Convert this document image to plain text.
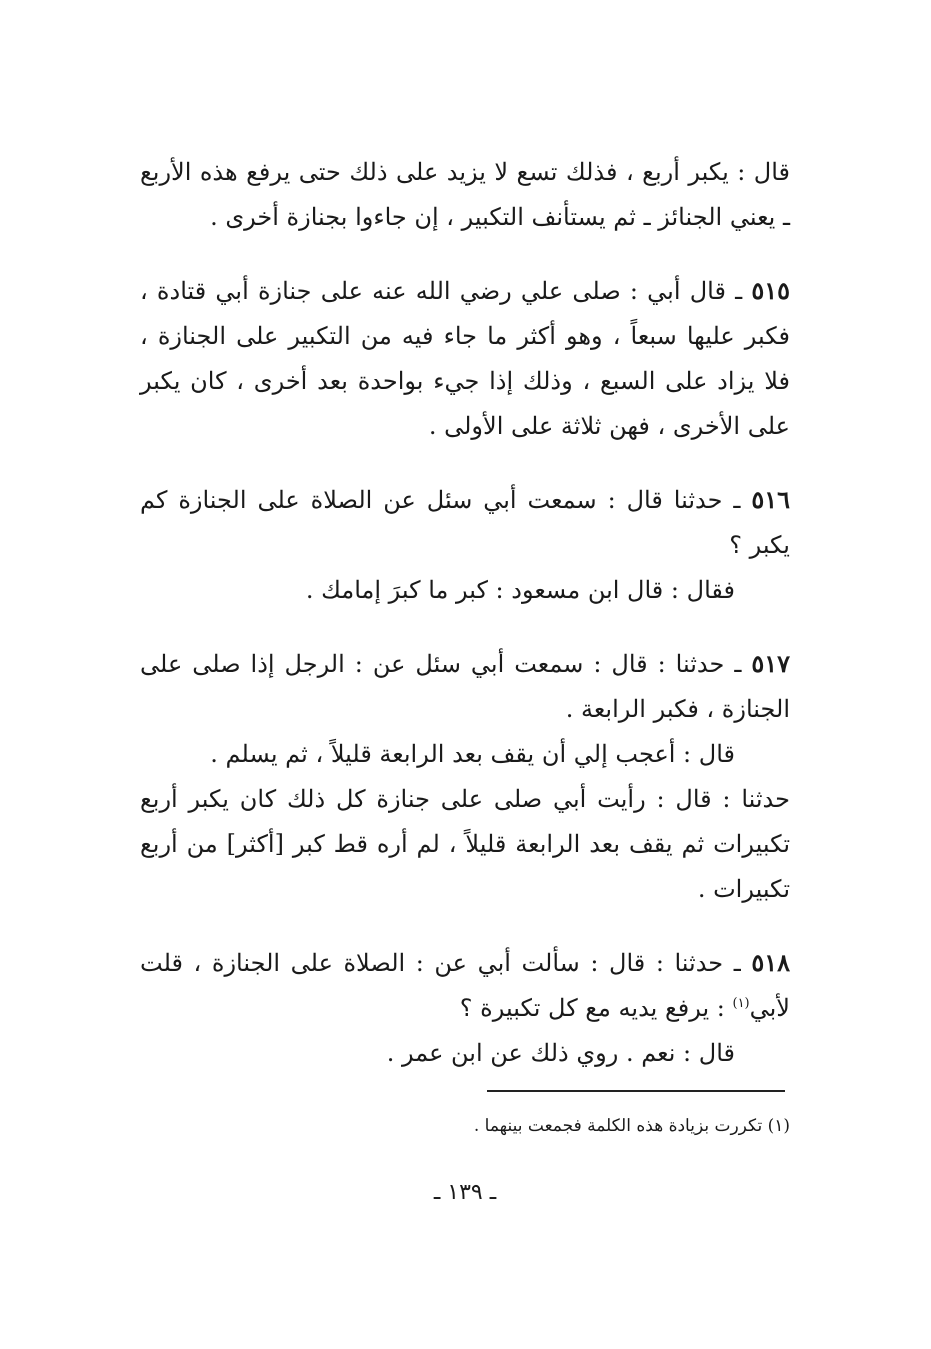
قال : يكبر أربع ، فذلك تسع لا يزيد على ذلك حتى يرفع هذه الأربع ـ يعني الجنائز ـ ثم يستأنف التكبير ، إن جاءوا بجنازة أخرى .

٥١٥ ـ قال أبي : صلى علي رضي الله عنه على جنازة أبي قتادة ، فكبر عليها سبعاً ، وهو أكثر ما جاء فيه من التكبير على الجنازة ، فلا يزاد على السبع ، وذلك إذا جيء بواحدة بعد أخرى ، كان يكبر على الأخرى ، فهن ثلاثة على الأولى .

٥١٦ ـ حدثنا قال : سمعت أبي سئل عن الصلاة على الجنازة كم يكبر ؟

فقال : قال ابن مسعود : كبر ما كبرَ إمامك .

٥١٧ ـ حدثنا : قال : سمعت أبي سئل عن : الرجل إذا صلى على الجنازة ، فكبر الرابعة .

قال : أعجب إلي أن يقف بعد الرابعة قليلاً ، ثم يسلم .

حدثنا : قال : رأيت أبي صلى على جنازة كل ذلك كان يكبر أربع تكبيرات ثم يقف بعد الرابعة قليلاً ، لم أره قط كبر [أكثر] من أربع تكبيرات .

٥١٨ ـ حدثنا : قال : سألت أبي عن : الصلاة على الجنازة ، قلت لأبي$^{(١)}$ : يرفع يديه مع كل تكبيرة ؟

قال : نعم . روي ذلك عن ابن عمر .

(١) تكررت بزيادة هذه الكلمة فجمعت بينهما .
ـ ١٣٩ ـ
